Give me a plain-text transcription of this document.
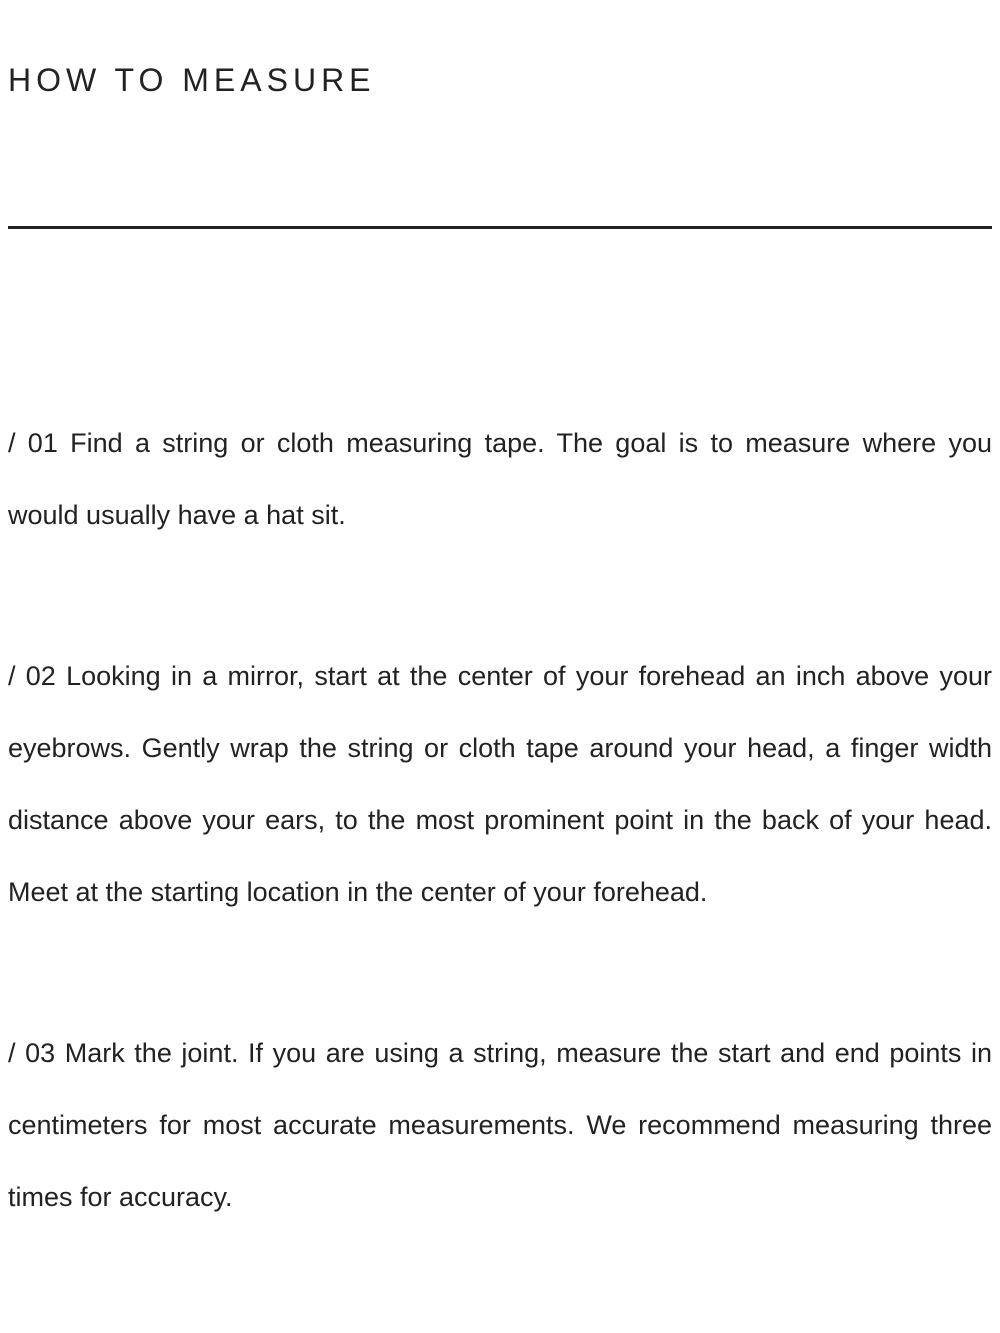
HOW TO MEASURE

/ 01 Find a string or cloth measuring tape. The goal is to measure where you would usually have a hat sit.

/ 02 Looking in a mirror, start at the center of your forehead an inch above your eyebrows. Gently wrap the string or cloth tape around your head, a finger width distance above your ears, to the most prominent point in the back of your head. Meet at the starting location in the center of your forehead.

/ 03 Mark the joint. If you are using a string, measure the start and end points in centimeters for most accurate measurements. We recommend measuring three times for accuracy.
